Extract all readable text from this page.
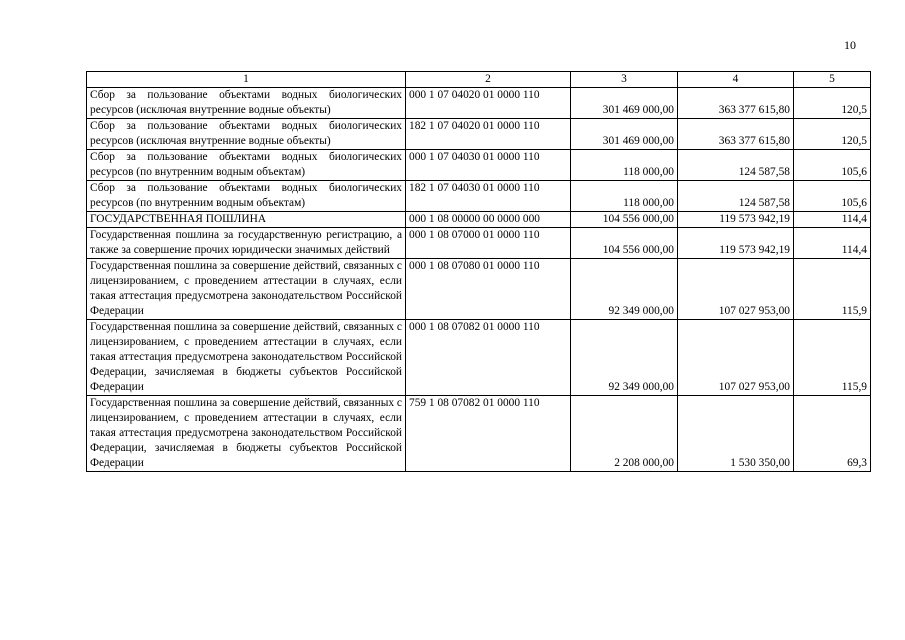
10
1	2	3	4	5
Сбор за пользование объектами водных биологических ресурсов (исключая внутренние водные объекты)	000 1 07 04020 01 0000 110	301 469 000,00	363 377 615,80	120,5
Сбор за пользование объектами водных биологических ресурсов (исключая внутренние водные объекты)	182 1 07 04020 01 0000 110	301 469 000,00	363 377 615,80	120,5
Сбор за пользование объектами водных биологических ресурсов (по внутренним водным объектам)	000 1 07 04030 01 0000 110	118 000,00	124 587,58	105,6
Сбор за пользование объектами водных биологических ресурсов (по внутренним водным объектам)	182 1 07 04030 01 0000 110	118 000,00	124 587,58	105,6
ГОСУДАРСТВЕННАЯ ПОШЛИНА	000 1 08 00000 00 0000 000	104 556 000,00	119 573 942,19	114,4
Государственная пошлина за государственную регистрацию, а также за совершение прочих юридически значимых действий	000 1 08 07000 01 0000 110	104 556 000,00	119 573 942,19	114,4
Государственная пошлина за совершение действий, связанных с лицензированием, с проведением аттестации в случаях, если такая аттестация предусмотрена законодательством Российской Федерации	000 1 08 07080 01 0000 110	92 349 000,00	107 027 953,00	115,9
Государственная пошлина за совершение действий, связанных с лицензированием, с проведением аттестации в случаях, если такая аттестация предусмотрена законодательством Российской Федерации, зачисляемая в бюджеты субъектов Российской Федерации	000 1 08 07082 01 0000 110	92 349 000,00	107 027 953,00	115,9
Государственная пошлина за совершение действий, связанных с лицензированием, с проведением аттестации в случаях, если такая аттестация предусмотрена законодательством Российской Федерации, зачисляемая в бюджеты субъектов Российской Федерации	759 1 08 07082 01 0000 110	2 208 000,00	1 530 350,00	69,3
